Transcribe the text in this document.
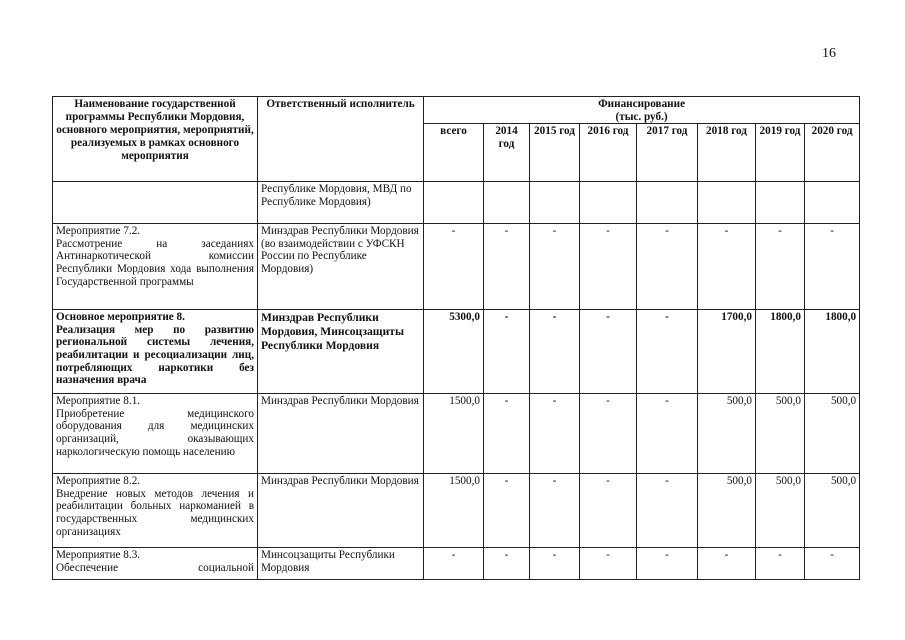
16
Наименование государственной программы Республики Мордовия, основного мероприятия, мероприятий, реализуемых в рамках основного мероприятия	Ответственный исполнитель	Финансирование
(тыс. руб.)							

		всего	2014 год	2015 год	2016 год	2017 год	2018 год	2019 год	2020 год
	Республике Мордовия, МВД по Республике Мордовия)								

Мероприятие 7.2.
Рассмотрение на заседаниях Антинаркотической комиссии Республики Мордовия хода выполнения Государственной программы	Минздрав Республики Мордовия (во взаимодействии с УФСКН России по Республике Мордовия)	-	-	-	-	-	-	-	-

Основное мероприятие 8.
Реализация мер по развитию региональной системы лечения, реабилитации и ресоциализации лиц, потребляющих наркотики без назначения врача	Минздрав Республики Мордовия, Минсоцзащиты Республики Мордовия	5300,0	-	-	-	-	1700,0	1800,0	1800,0

Мероприятие 8.1.
Приобретение медицинского оборудования для медицинских организаций, оказывающих наркологическую помощь населению	Минздрав Республики Мордовия	1500,0	-	-	-	-	500,0	500,0	500,0

Мероприятие 8.2.
Внедрение новых методов лечения и реабилитации больных наркоманией в государственных медицинских организациях	Минздрав Республики Мордовия	1500,0	-	-	-	-	500,0	500,0	500,0

Мероприятие 8.3.
Обеспечение социальной	Минсоцзащиты Республики Мордовия	-	-	-	-	-	-	-	-
